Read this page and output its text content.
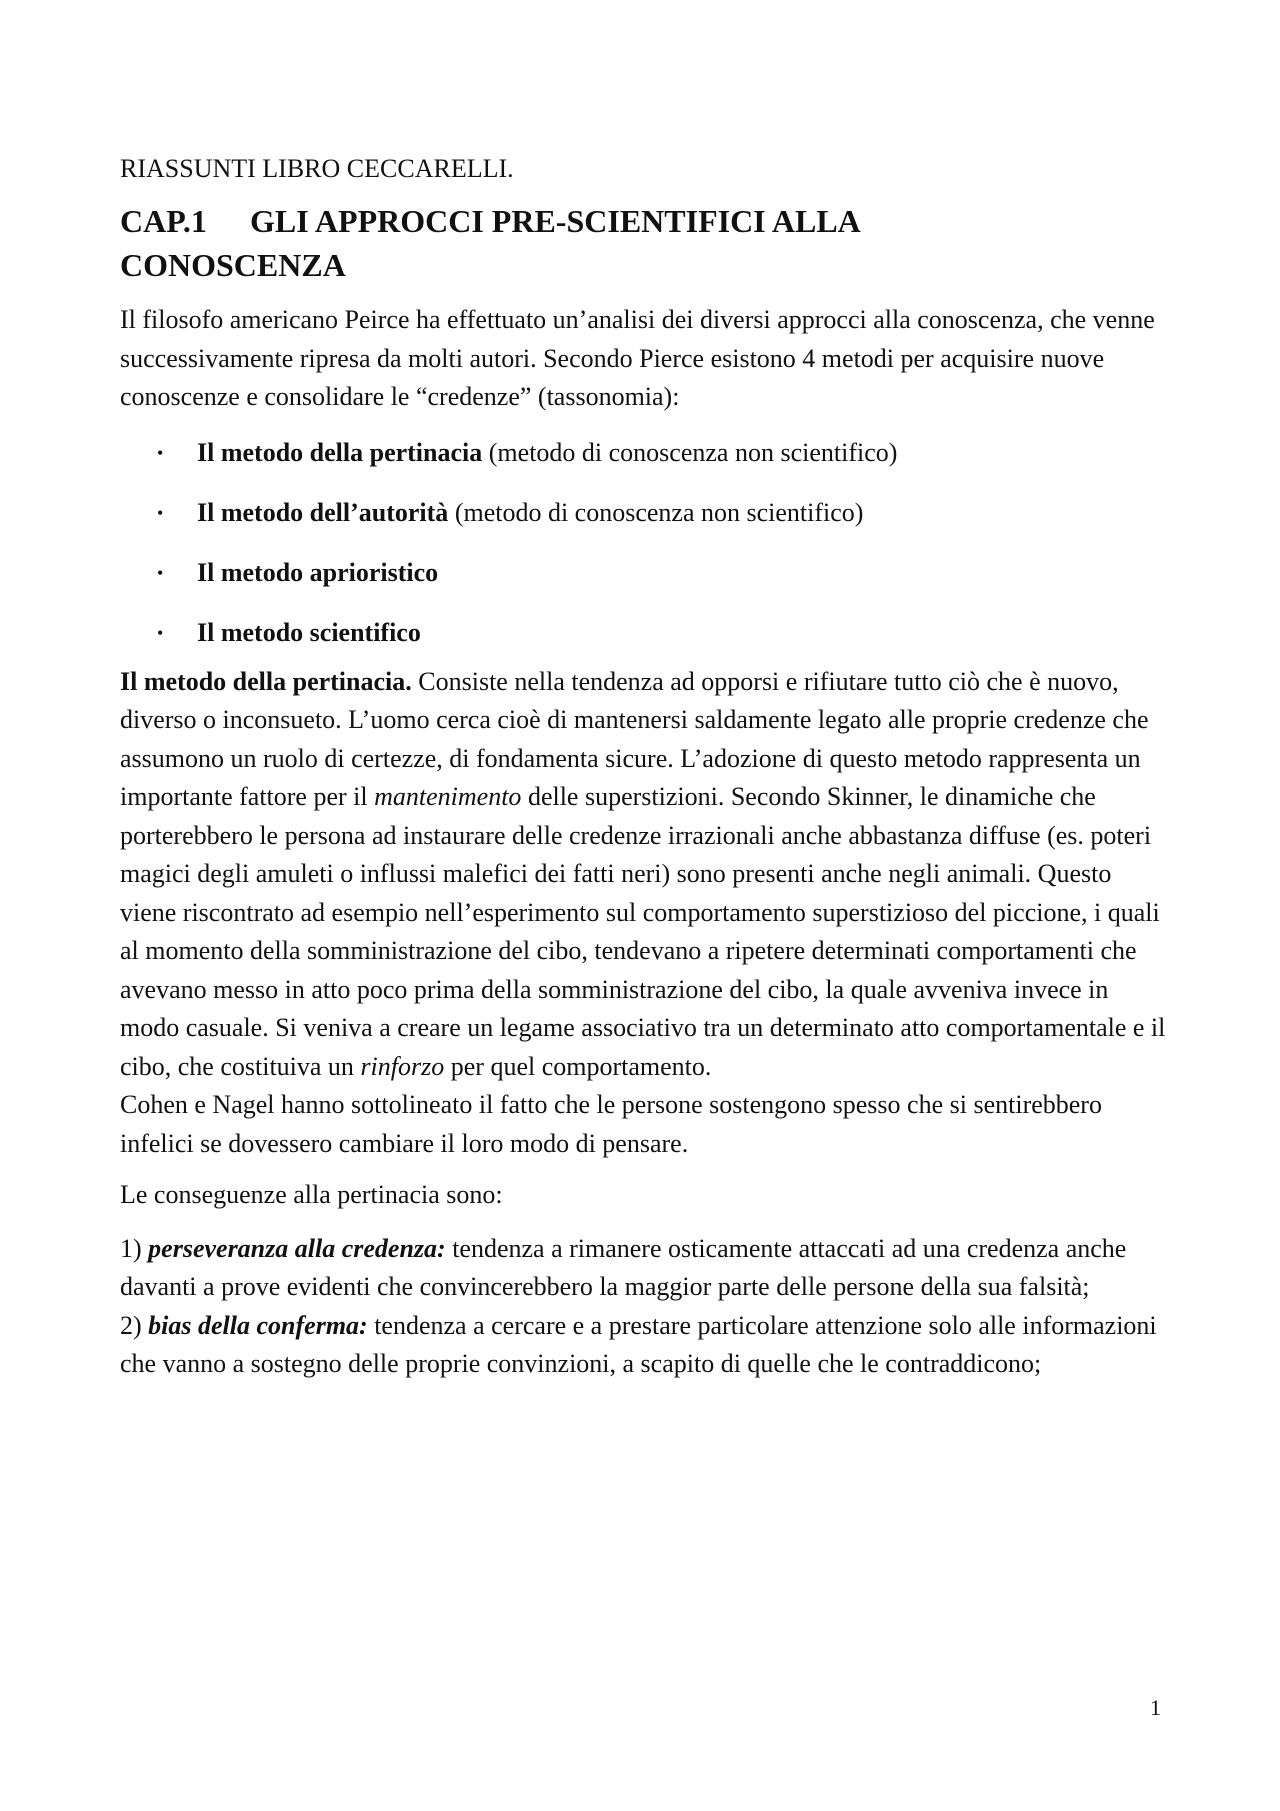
RIASSUNTI LIBRO CECCARELLI.
CAP.1 GLI APPROCCI PRE-SCIENTIFICI ALLA
CONOSCENZA

Il filosofo americano Peirce ha effettuato un’analisi dei diversi approcci alla conoscenza, che venne successivamente ripresa da molti autori. Secondo Pierce esistono 4 metodi per acquisire nuove conoscenze e consolidare le “credenze” (tassonomia):

• Il metodo della pertinacia (metodo di conoscenza non scientifico)
• Il metodo dell’autorità (metodo di conoscenza non scientifico)
• Il metodo aprioristico
• Il metodo scientifico

Il metodo della pertinacia. Consiste nella tendenza ad opporsi e rifiutare tutto ciò che è nuovo, diverso o inconsueto. L’uomo cerca cioè di mantenersi saldamente legato alle proprie credenze che assumono un ruolo di certezze, di fondamenta sicure. L’adozione di questo metodo rappresenta un importante fattore per il mantenimento delle superstizioni. Secondo Skinner, le dinamiche che porterebbero le persona ad instaurare delle credenze irrazionali anche abbastanza diffuse (es. poteri magici degli amuleti o influssi malefici dei fatti neri) sono presenti anche negli animali. Questo viene riscontrato ad esempio nell’esperimento sul comportamento superstizioso del piccione, i quali al momento della somministrazione del cibo, tendevano a ripetere determinati comportamenti che avevano messo in atto poco prima della somministrazione del cibo, la quale avveniva invece in modo casuale. Si veniva a creare un legame associativo tra un determinato atto comportamentale e il cibo, che costituiva un rinforzo per quel comportamento.

Cohen e Nagel hanno sottolineato il fatto che le persone sostengono spesso che si sentirebbero infelici se dovessero cambiare il loro modo di pensare.

Le conseguenze alla pertinacia sono:

1) perseveranza alla credenza: tendenza a rimanere osticamente attaccati ad una credenza anche davanti a prove evidenti che convincerebbero la maggior parte delle persone della sua falsità;

2) bias della conferma: tendenza a cercare e a prestare particolare attenzione solo alle informazioni che vanno a sostegno delle proprie convinzioni, a scapito di quelle che le contraddicono;

1
